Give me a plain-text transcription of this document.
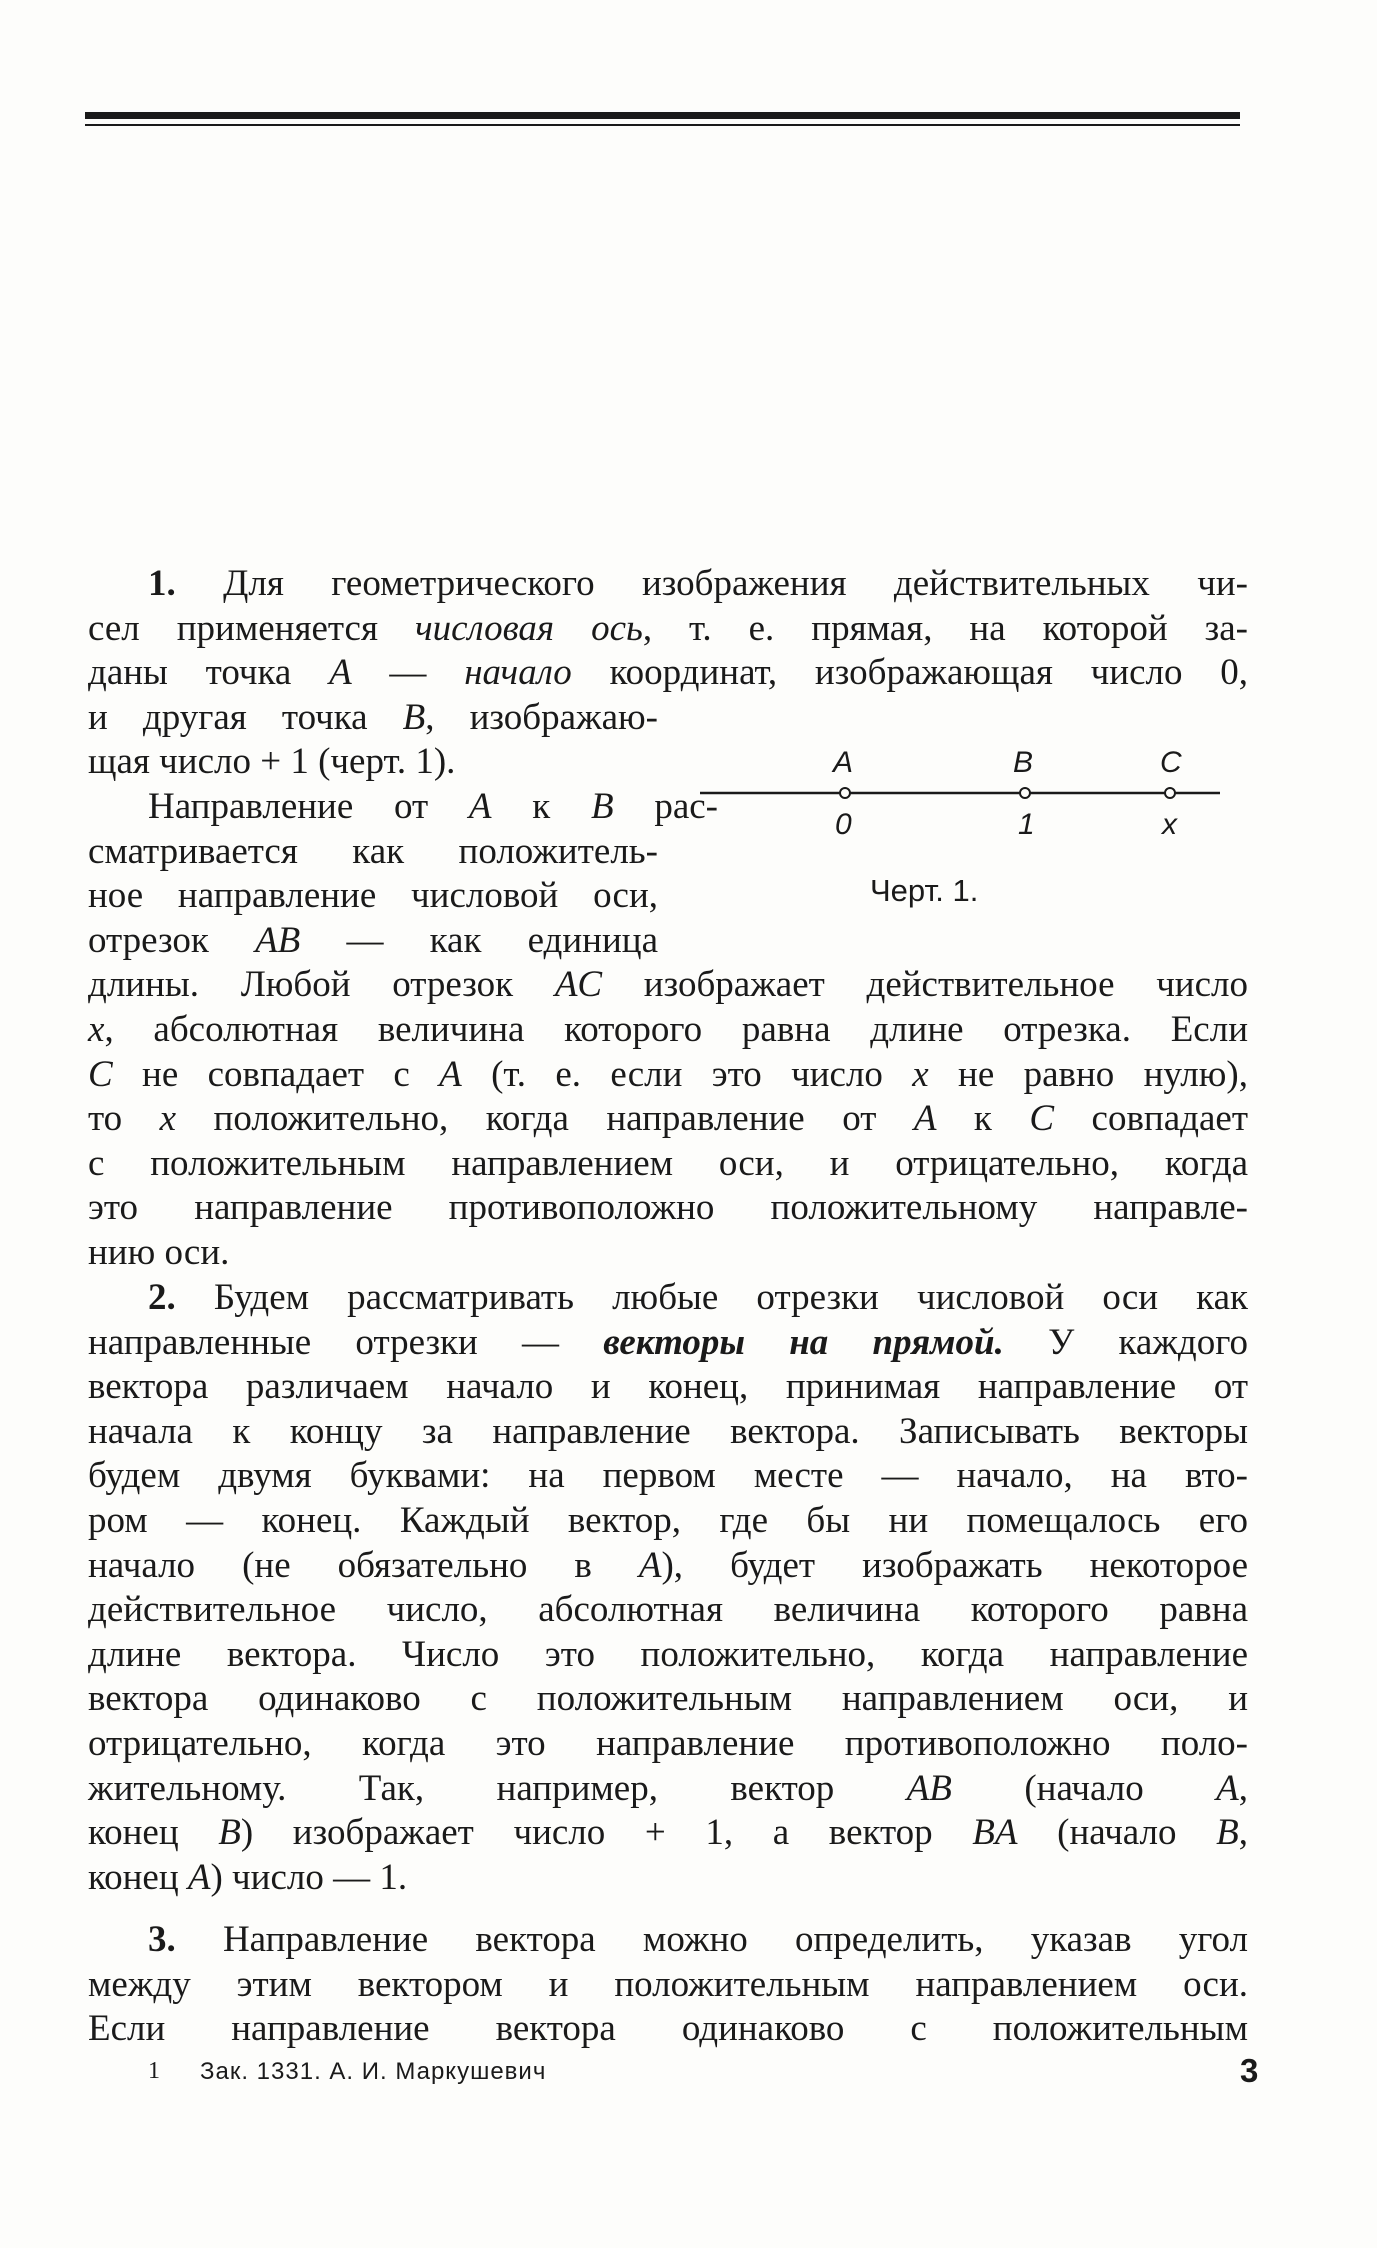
1. Для геометрического изображения действительных чи-
сел применяется числовая ось, т. е. прямая, на которой за-
даны точка A — начало координат, изображающая число 0,
и другая точка B, изображаю-
щая число + 1 (черт. 1).
Направление от A к B рас-
сматривается как положитель-
ное направление числовой оси,
отрезок AB — как единица
длины. Любой отрезок AC изображает действительное число
x, абсолютная величина которого равна длине отрезка. Если
C не совпадает с A (т. е. если это число x не равно нулю),
то x положительно, когда направление от A к C совпадает
с положительным направлением оси, и отрицательно, когда
это направление противоположно положительному направле-
нию оси.
A	B	C
0	1	x
Черт. 1.
2. Будем рассматривать любые отрезки числовой оси как
направленные отрезки — векторы на прямой. У каждого
вектора различаем начало и конец, принимая направление от
начала к концу за направление вектора. Записывать векторы
будем двумя буквами: на первом месте — начало, на вто-
ром — конец. Каждый вектор, где бы ни помещалось его
начало (не обязательно в A), будет изображать некоторое
действительное число, абсолютная величина которого равна
длине вектора. Число это положительно, когда направление
вектора одинаково с положительным направлением оси, и
отрицательно, когда это направление противоположно поло-
жительному. Так, например, вектор AB (начало A,
конец B) изображает число + 1, а вектор BA (начало B,
конец A) число — 1.
3. Направление вектора можно определить, указав угол
между этим вектором и положительным направлением оси.
Если направление вектора одинаково с положительным
1 Зак. 1331. А. И. Маркушевич	3
